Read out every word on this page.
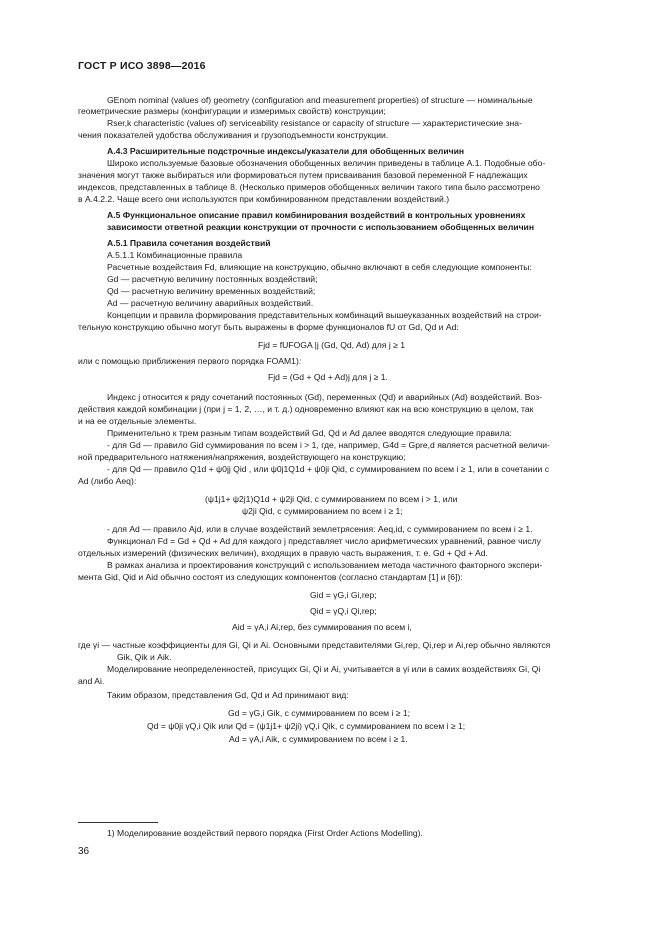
ГОСТ Р ИСО 3898—2016
GEnom nominal (values of) geometry (configuration and measurement properties) of structure — номинальные
геометрические размеры (конфигурации и измеримых свойств) конструкции;
Rser,k characteristic (values of) serviceability resistance or capacity of structure — характеристические зна-
чения показателей удобства обслуживания и грузоподъемности конструкции.
А.4.3 Расширительные подстрочные индексы/указатели для обобщенных величин
Широко используемые базовые обозначения обобщенных величин приведены в таблице А.1. Подобные обо-
значения могут также выбираться или формироваться путем присваивания базовой переменной F надлежащих
индексов, представленных в таблице 8. (Несколько примеров обобщенных величин такого типа было рассмотрено
в А.4.2.2. Чаще всего они используются при комбинированном представлении воздействий.)
А.5 Функциональное описание правил комбинирования воздействий в контрольных уровнениях
зависимости ответной реакции конструкции от прочности с использованием обобщенных величин
А.5.1 Правила сочетания воздействий
А.5.1.1 Комбинационные правила
Расчетные воздействия Fd, влияющие на конструкцию, обычно включают в себя следующие компоненты:
Gd — расчетную величину постоянных воздействий;
Qd — расчетную величину временных воздействий;
Ad — расчетную величину аварийных воздействий.
Концепции и правила формирования представительных комбинаций вышеуказанных воздействий на строи-
тельную конструкцию обычно могут быть выражены в форме функционалов fU от Gd, Qd и Ad:
Fjd = fUFOGA |j (Gd, Qd, Ad) для j ≥ 1
или с помощью приближения первого порядка FOAM1):
Fjd = (Gd + Qd + Ad)j для j ≥ 1.
Индекс j относится к ряду сочетаний постоянных (Gd), переменных (Qd) и аварийных (Ad) воздействий. Воз-
действия каждой комбинации j (при j = 1, 2, …, и т. д.) одновременно влияют как на всю конструкцию в целом, так
и на ее отдельные элементы.
Применительно к трем разным типам воздействий Gd, Qd и Ad далее вводятся следующие правила:
- для Gd — правило Gid суммирования по всем i > 1, где, например, G4d = Gpre,d является расчетной величи-
ной предварительного натяжения/напряжения, воздействующего на конструкцию;
- для Qd — правило Q1d + ψ0jj Qid , или ψ0j1Q1d + ψ0ji Qid, с суммированием по всем i ≥ 1, или в сочетании с
Ad (либо Aeq):
(ψ1j1+ ψ2j1)Q1d + ψ2ji Qid, с суммированием по всем i > 1, или
ψ2ji Qid, с суммированием по всем i ≥ 1;
- для Ad — правило Ajd, или в случае воздействий землетрясения: Aeq,id, с суммированием по всем i ≥ 1.
Функционал Fd = Gd + Qd + Ad для каждого j представляет число арифметических уравнений, равное числу
отдельных измерений (физических величин), входящих в правую часть выражения, т. е. Gd + Qd + Ad.
В рамках анализа и проектирования конструкций с использованием метода частичного факторного экспери-
мента Gid, Qid и Aid обычно состоят из следующих компонентов (согласно стандартам [1] и [6]):
Gid = γG,i Gi,rep;
Qid = γQ,i Qi,rep;
Aid = γA,i Ai,rep, без суммирования по всем i,
где γi — частные коэффициенты для Gi, Qi и Ai. Основными представителями Gi,rep, Qi,rep и Ai,rep обычно являются
Gik, Qik и Aik.
Моделирование неопределенностей, присущих Gi, Qi и Ai, учитывается в γi или в самих воздействиях Gi, Qi
and Ai.
Таким образом, представления Gd, Qd и Ad принимают вид:
Gd = γG,i Gik, с суммированием по всем i ≥ 1;
Qd = ψ0ji γQ,i Qik или Qd = (ψ1j1+ ψ2ji) γQ,i Qik, с суммированием по всем i ≥ 1;
Ad = γA,i Aik, с суммированием по всем i ≥ 1.
1) Моделирование воздействий первого порядка (First Order Actions Modelling).
36
